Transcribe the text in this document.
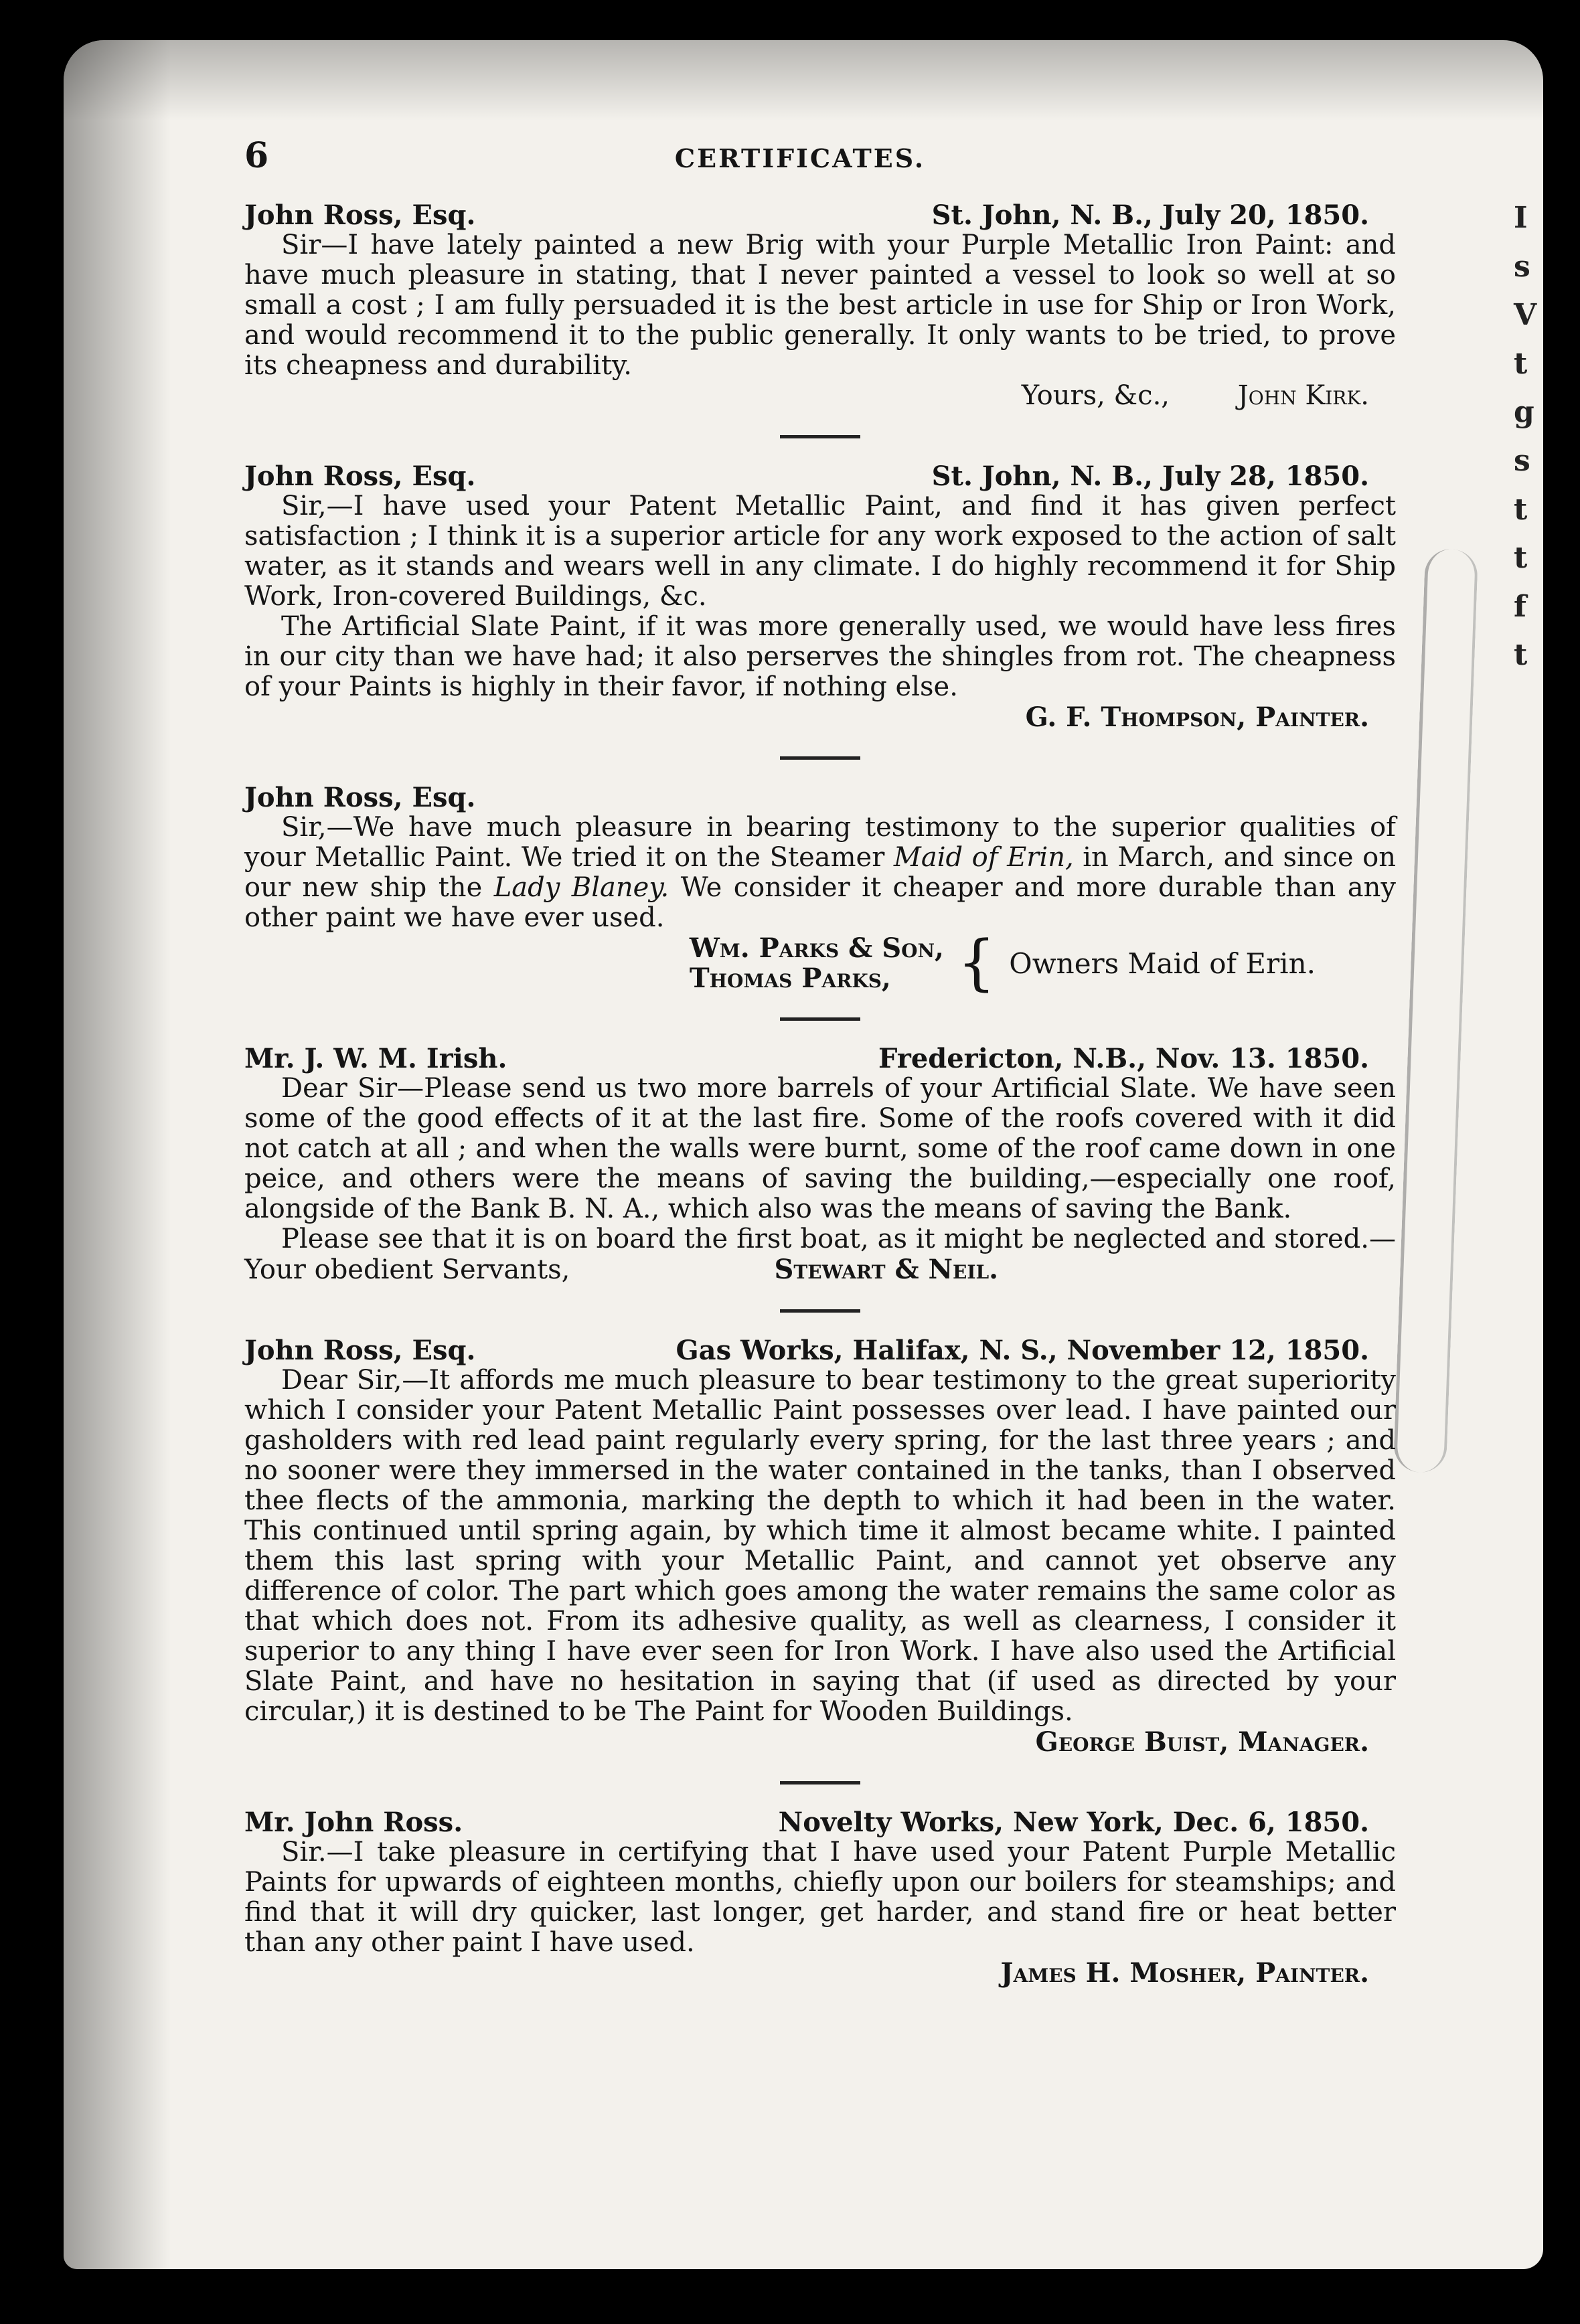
I
s
V
t
g
s
t
t
f
t
6	CERTIFICATES.
John Ross, Esq.	St. John, N. B., July 20, 1850.

Sir—I have lately painted a new Brig with your Purple Metallic Iron Paint: and have much pleasure in stating, that I never painted a vessel to look so well at so small a cost ; I am fully persuaded it is the best article in use for Ship or Iron Work, and would recommend it to the public generally. It only wants to be tried, to prove its cheapness and durability.

Yours, &c.,	John Kirk.
John Ross, Esq.	St. John, N. B., July 28, 1850.

Sir,—I have used your Patent Metallic Paint, and find it has given perfect satisfaction ; I think it is a superior article for any work exposed to the action of salt water, as it stands and wears well in any climate. I do highly recommend it for Ship Work, Iron-covered Buildings, &c.

The Artificial Slate Paint, if it was more generally used, we would have less fires in our city than we have had; it also perserves the shingles from rot. The cheapness of your Paints is highly in their favor, if nothing else.

G. F. Thompson, Painter.
John Ross, Esq.

Sir,—We have much pleasure in bearing testimony to the superior qualities of your Metallic Paint. We tried it on the Steamer Maid of Erin, in March, and since on our new ship the Lady Blaney. We consider it cheaper and more durable than any other paint we have ever used.

Wm. Parks & Son,
Thomas Parks,	{ Owners Maid of Erin.
Mr. J. W. M. Irish.	Fredericton, N.B., Nov. 13. 1850.

Dear Sir—Please send us two more barrels of your Artificial Slate. We have seen some of the good effects of it at the last fire. Some of the roofs covered with it did not catch at all ; and when the walls were burnt, some of the roof came down in one peice, and others were the means of saving the building,—especially one roof, alongside of the Bank B. N. A., which also was the means of saving the Bank.

Please see that it is on board the first boat, as it might be neglected and stored.—Your obedient Servants,	Stewart & Neil.

John Ross, Esq.	Gas Works, Halifax, N. S., November 12, 1850.

Dear Sir,—It affords me much pleasure to bear testimony to the great superiority which I consider your Patent Metallic Paint possesses over lead. I have painted our gasholders with red lead paint regularly every spring, for the last three years ; and no sooner were they immersed in the water contained in the tanks, than I observed thee flects of the ammonia, marking the depth to which it had been in the water. This continued until spring again, by which time it almost became white. I painted them this last spring with your Metallic Paint, and cannot yet observe any difference of color. The part which goes among the water remains the same color as that which does not. From its adhesive quality, as well as clearness, I consider it superior to any thing I have ever seen for Iron Work. I have also used the Artificial Slate Paint, and have no hesitation in saying that (if used as directed by your circular,) it is destined to be The Paint for Wooden Buildings.

George Buist, Manager.
Mr. John Ross.	Novelty Works, New York, Dec. 6, 1850.

Sir.—I take pleasure in certifying that I have used your Patent Purple Metallic Paints for upwards of eighteen months, chiefly upon our boilers for steamships; and find that it will dry quicker, last longer, get harder, and stand fire or heat better than any other paint I have used.

James H. Mosher, Painter.
